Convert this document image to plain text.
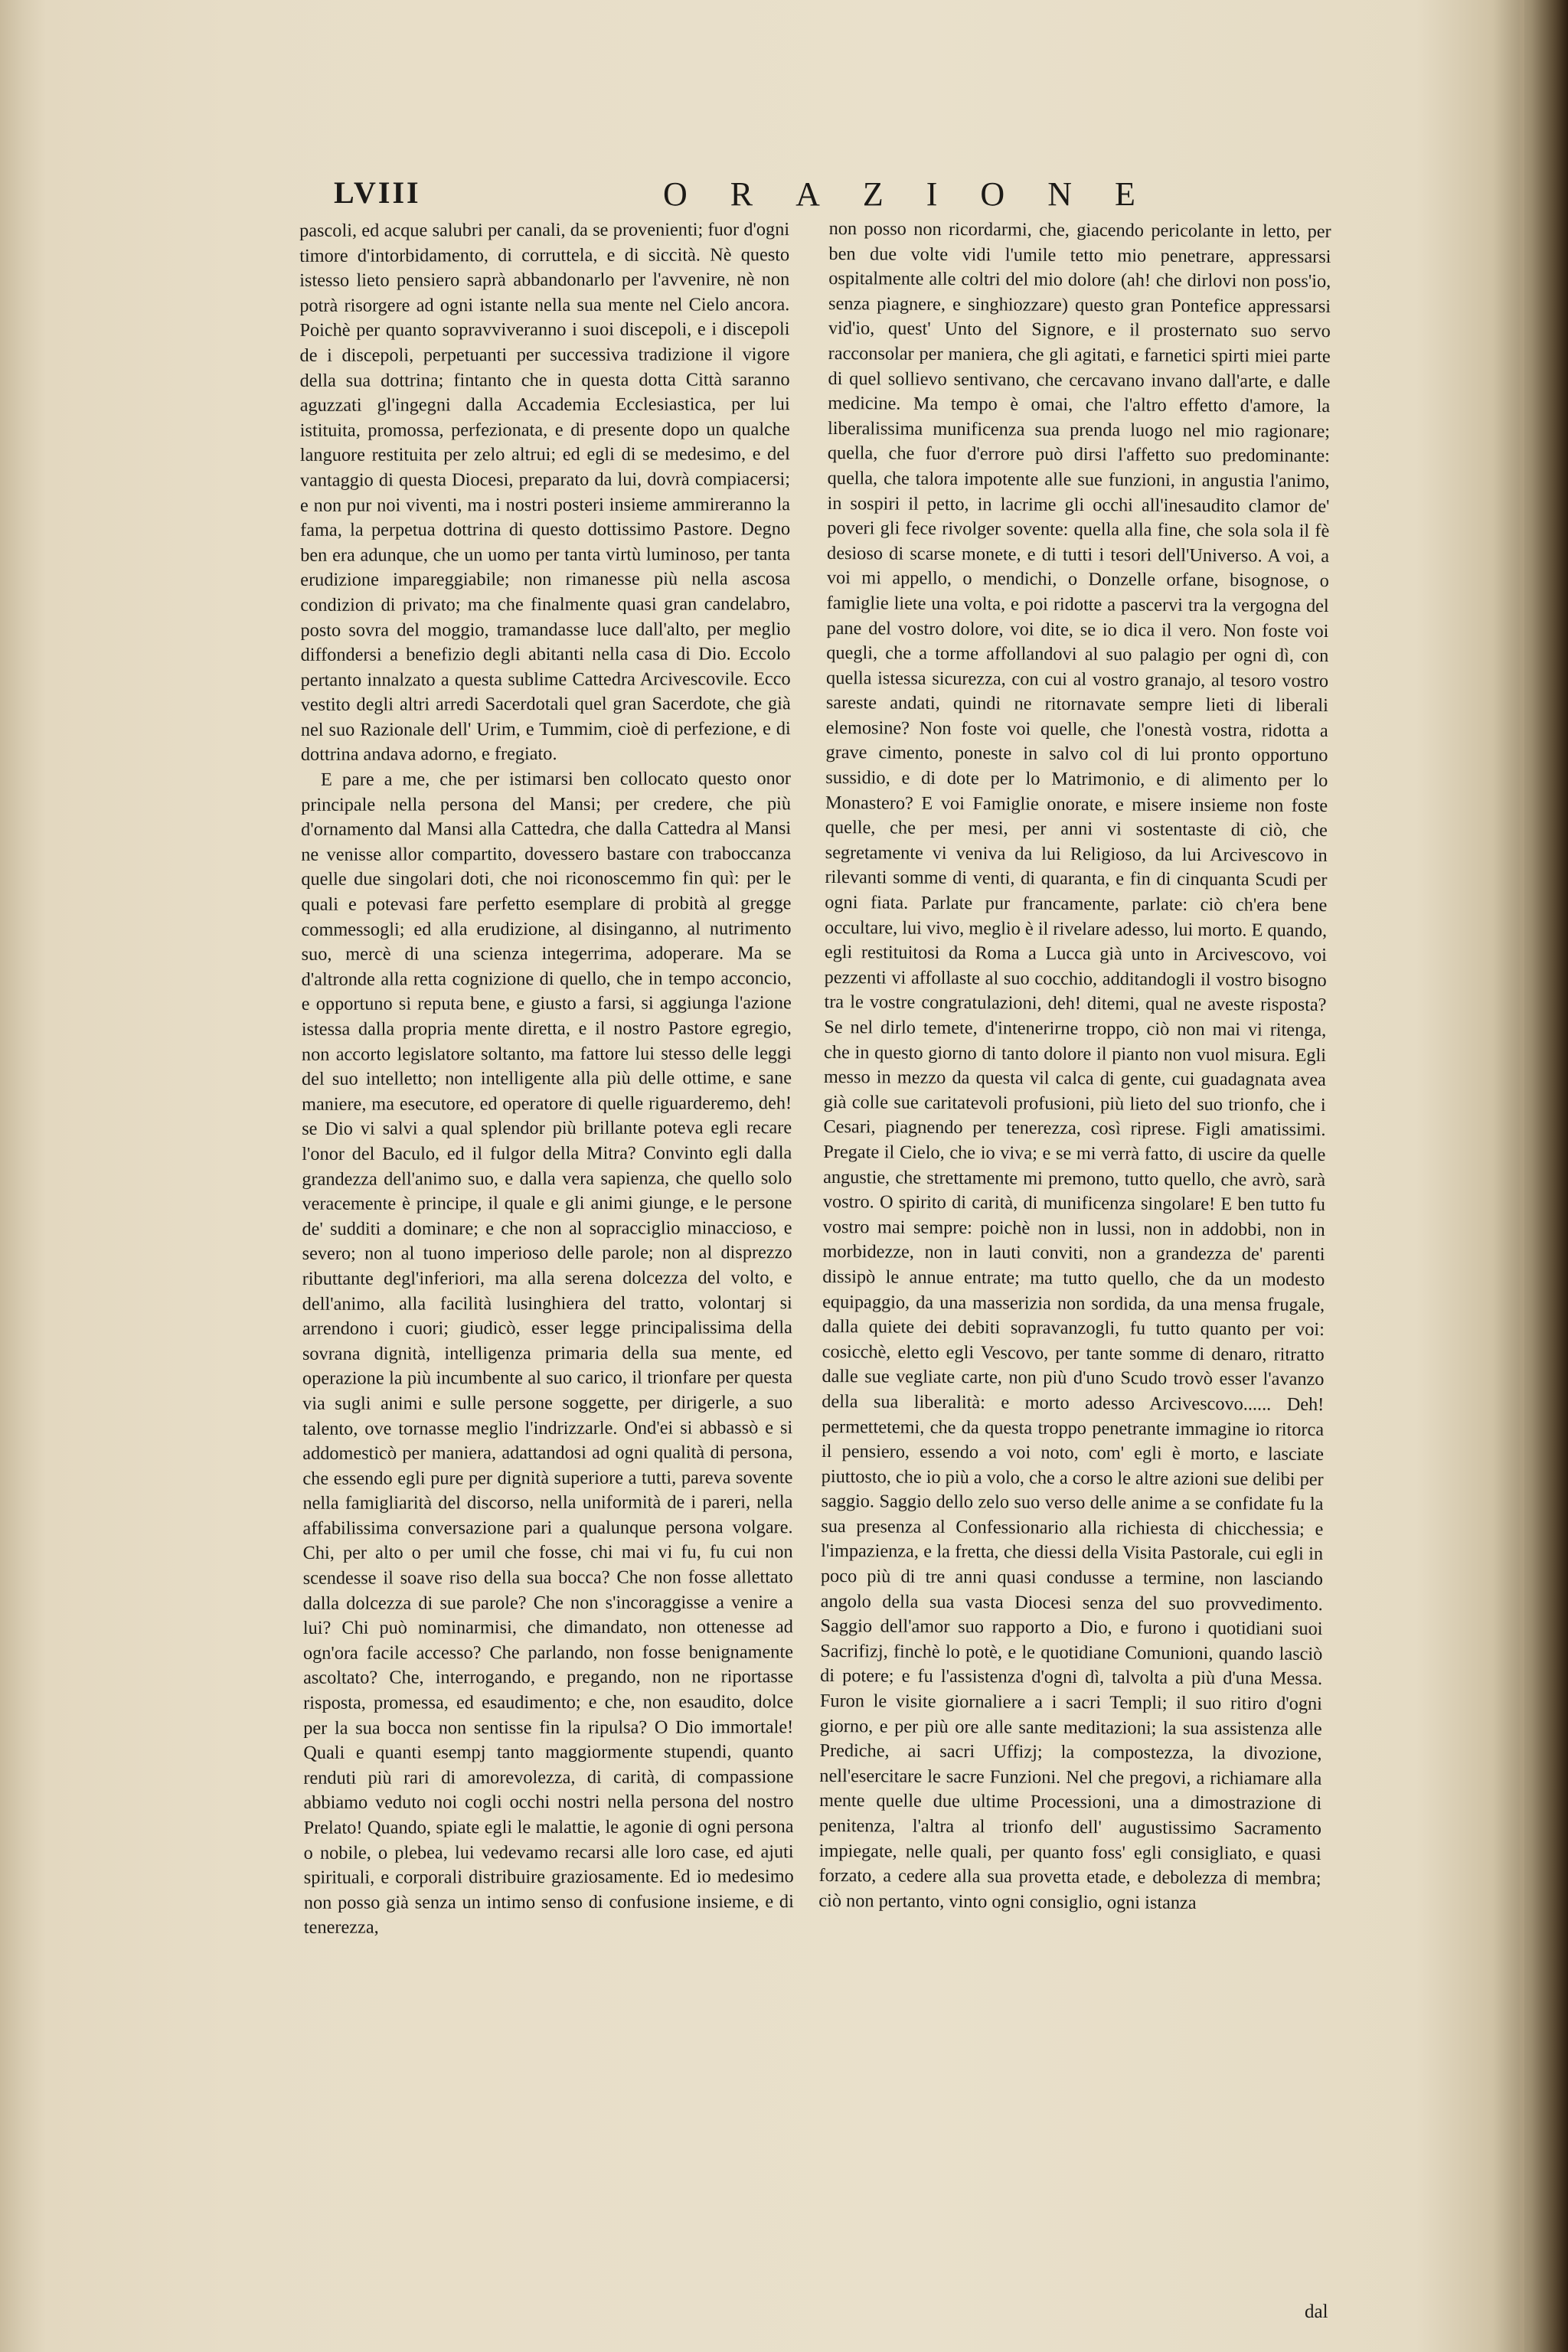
LVIII	ORAZIONE

pascoli, ed acque salubri per canali, da se provenienti; fuor d'ogni timore d'intorbidamento, di corruttela, e di siccità. Nè questo istesso lieto pensiero saprà abbandonarlo per l'avvenire, nè non potrà risorgere ad ogni istante nella sua mente nel Cielo ancora. Poichè per quanto sopravviveranno i suoi discepoli, e i discepoli de i discepoli, perpetuanti per successiva tradizione il vigore della sua dottrina; fintanto che in questa dotta Città saranno aguzzati gl'ingegni dalla Accademia Ecclesiastica, per lui istituita, promossa, perfezionata, e di presente dopo un qualche languore restituita per zelo altrui; ed egli di se medesimo, e del vantaggio di questa Diocesi, preparato da lui, dovrà compiacersi; e non pur noi viventi, ma i nostri posteri insieme ammireranno la fama, la perpetua dottrina di questo dottissimo Pastore. Degno ben era adunque, che un uomo per tanta virtù luminoso, per tanta erudizione impareggiabile; non rimanesse più nella ascosa condizion di privato; ma che finalmente quasi gran candelabro, posto sovra del moggio, tramandasse luce dall'alto, per meglio diffondersi a benefizio degli abitanti nella casa di Dio. Eccolo pertanto innalzato a questa sublime Cattedra Arcivescovile. Ecco vestito degli altri arredi Sacerdotali quel gran Sacerdote, che già nel suo Razionale dell' Urim, e Tummim, cioè di perfezione, e di dottrina andava adorno, e fregiato.

E pare a me, che per istimarsi ben collocato questo onor principale nella persona del Mansi; per credere, che più d'ornamento dal Mansi alla Cattedra, che dalla Cattedra al Mansi ne venisse allor compartito, dovessero bastare con traboccanza quelle due singolari doti, che noi riconoscemmo fin quì: per le quali e potevasi fare perfetto esemplare di probità al gregge commessogli; ed alla erudizione, al disinganno, al nutrimento suo, mercè di una scienza integerrima, adoperare. Ma se d'altronde alla retta cognizione di quello, che in tempo acconcio, e opportuno si reputa bene, e giusto a farsi, si aggiunga l'azione istessa dalla propria mente diretta, e il nostro Pastore egregio, non accorto legislatore soltanto, ma fattore lui stesso delle leggi del suo intelletto; non intelligente alla più delle ottime, e sane maniere, ma esecutore, ed operatore di quelle riguarderemo, deh! se Dio vi salvi a qual splendor più brillante poteva egli recare l'onor del Baculo, ed il fulgor della Mitra? Convinto egli dalla grandezza dell'animo suo, e dalla vera sapienza, che quello solo veracemente è principe, il quale e gli animi giunge, e le persone de' sudditi a dominare; e che non al sopracciglio minaccioso, e severo; non al tuono imperioso delle parole; non al disprezzo ributtante degl'inferiori, ma alla serena dolcezza del volto, e dell'animo, alla facilità lusinghiera del tratto, volontarj si arrendono i cuori; giudicò, esser legge principalissima della sovrana dignità, intelligenza primaria della sua mente, ed operazione la più incumbente al suo carico, il trionfare per questa via sugli animi e sulle persone soggette, per dirigerle, a suo talento, ove tornasse meglio l'indrizzarle. Ond'ei si abbassò e si addomesticò per maniera, adattandosi ad ogni qualità di persona, che essendo egli pure per dignità superiore a tutti, pareva sovente nella famigliarità del discorso, nella uniformità de i pareri, nella affabilissima conversazione pari a qualunque persona volgare. Chi, per alto o per umil che fosse, chi mai vi fu, fu cui non scendesse il soave riso della sua bocca? Che non fosse allettato dalla dolcezza di sue parole? Che non s'incoraggisse a venire a lui? Chi può nominarmisi, che dimandato, non ottenesse ad ogn'ora facile accesso? Che parlando, non fosse benignamente ascoltato? Che, interrogando, e pregando, non ne riportasse risposta, promessa, ed esaudimento; e che, non esaudito, dolce per la sua bocca non sentisse fin la ripulsa? O Dio immortale! Quali e quanti esempj tanto maggiormente stupendi, quanto renduti più rari di amorevolezza, di carità, di compassione abbiamo veduto noi cogli occhi nostri nella persona del nostro Prelato! Quando, spiate egli le malattie, le agonie di ogni persona o nobile, o plebea, lui vedevamo recarsi alle loro case, ed ajuti spirituali, e corporali distribuire graziosamente. Ed io medesimo non posso già senza un intimo senso di confusione insieme, e di tenerezza,

non posso non ricordarmi, che, giacendo pericolante in letto, per ben due volte vidi l'umile tetto mio penetrare, appressarsi ospitalmente alle coltri del mio dolore (ah! che dirlovi non poss'io, senza piagnere, e singhiozzare) questo gran Pontefice appressarsi vid'io, quest' Unto del Signore, e il prosternato suo servo racconsolar per maniera, che gli agitati, e farnetici spirti miei parte di quel sollievo sentivano, che cercavano invano dall'arte, e dalle medicine. Ma tempo è omai, che l'altro effetto d'amore, la liberalissima munificenza sua prenda luogo nel mio ragionare; quella, che fuor d'errore può dirsi l'affetto suo predominante: quella, che talora impotente alle sue funzioni, in angustia l'animo, in sospiri il petto, in lacrime gli occhi all'inesaudito clamor de' poveri gli fece rivolger sovente: quella alla fine, che sola sola il fè desioso di scarse monete, e di tutti i tesori dell'Universo. A voi, a voi mi appello, o mendichi, o Donzelle orfane, bisognose, o famiglie liete una volta, e poi ridotte a pascervi tra la vergogna del pane del vostro dolore, voi dite, se io dica il vero. Non foste voi quegli, che a torme affollandovi al suo palagio per ogni dì, con quella istessa sicurezza, con cui al vostro granajo, al tesoro vostro sareste andati, quindi ne ritornavate sempre lieti di liberali elemosine? Non foste voi quelle, che l'onestà vostra, ridotta a grave cimento, poneste in salvo col di lui pronto opportuno sussidio, e di dote per lo Matrimonio, e di alimento per lo Monastero? E voi Famiglie onorate, e misere insieme non foste quelle, che per mesi, per anni vi sostentaste di ciò, che segretamente vi veniva da lui Religioso, da lui Arcivescovo in rilevanti somme di venti, di quaranta, e fin di cinquanta Scudi per ogni fiata. Parlate pur francamente, parlate: ciò ch'era bene occultare, lui vivo, meglio è il rivelare adesso, lui morto. E quando, egli restituitosi da Roma a Lucca già unto in Arcivescovo, voi pezzenti vi affollaste al suo cocchio, additandogli il vostro bisogno tra le vostre congratulazioni, deh! ditemi, qual ne aveste risposta? Se nel dirlo temete, d'intenerirne troppo, ciò non mai vi ritenga, che in questo giorno di tanto dolore il pianto non vuol misura. Egli messo in mezzo da questa vil calca di gente, cui guadagnata avea già colle sue caritatevoli profusioni, più lieto del suo trionfo, che i Cesari, piagnendo per tenerezza, così riprese. Figli amatissimi. Pregate il Cielo, che io viva; e se mi verrà fatto, di uscire da quelle angustie, che strettamente mi premono, tutto quello, che avrò, sarà vostro. O spirito di carità, di munificenza singolare! E ben tutto fu vostro mai sempre: poichè non in lussi, non in addobbi, non in morbidezze, non in lauti conviti, non a grandezza de' parenti dissipò le annue entrate; ma tutto quello, che da un modesto equipaggio, da una masserizia non sordida, da una mensa frugale, dalla quiete dei debiti sopravanzogli, fu tutto quanto per voi: cosicchè, eletto egli Vescovo, per tante somme di denaro, ritratto dalle sue vegliate carte, non più d'uno Scudo trovò esser l'avanzo della sua liberalità: e morto adesso Arcivescovo...... Deh! permettetemi, che da questa troppo penetrante immagine io ritorca il pensiero, essendo a voi noto, com' egli è morto, e lasciate piuttosto, che io più a volo, che a corso le altre azioni sue delibi per saggio. Saggio dello zelo suo verso delle anime a se confidate fu la sua presenza al Confessionario alla richiesta di chicchessia; e l'impazienza, e la fretta, che diessi della Visita Pastorale, cui egli in poco più di tre anni quasi condusse a termine, non lasciando angolo della sua vasta Diocesi senza del suo provvedimento. Saggio dell'amor suo rapporto a Dio, e furono i quotidiani suoi Sacrifizj, finchè lo potè, e le quotidiane Comunioni, quando lasciò di potere; e fu l'assistenza d'ogni dì, talvolta a più d'una Messa. Furon le visite giornaliere a i sacri Templi; il suo ritiro d'ogni giorno, e per più ore alle sante meditazioni; la sua assistenza alle Prediche, ai sacri Uffizj; la compostezza, la divozione, nell'esercitare le sacre Funzioni. Nel che pregovi, a richiamare alla mente quelle due ultime Processioni, una a dimostrazione di penitenza, l'altra al trionfo dell' augustissimo Sacramento impiegate, nelle quali, per quanto foss' egli consigliato, e quasi forzato, a cedere alla sua provetta etade, e debolezza di membra; ciò non pertanto, vinto ogni consiglio, ogni istanza

dal
